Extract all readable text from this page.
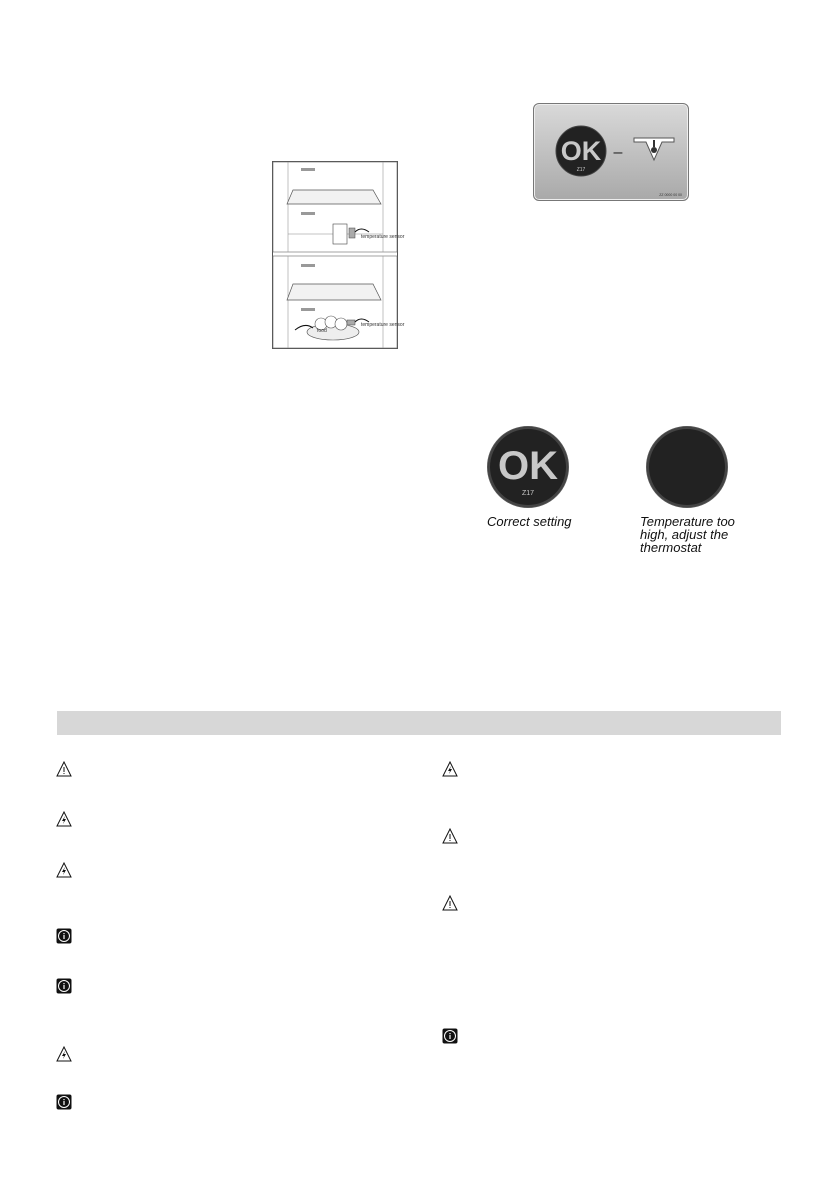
temperature sensor
food
temperature sensor
OK
Z17
–
ZZ 0000 00 00
OK
Z17
Correct setting	Temperature too
high, adjust the
thermostat
